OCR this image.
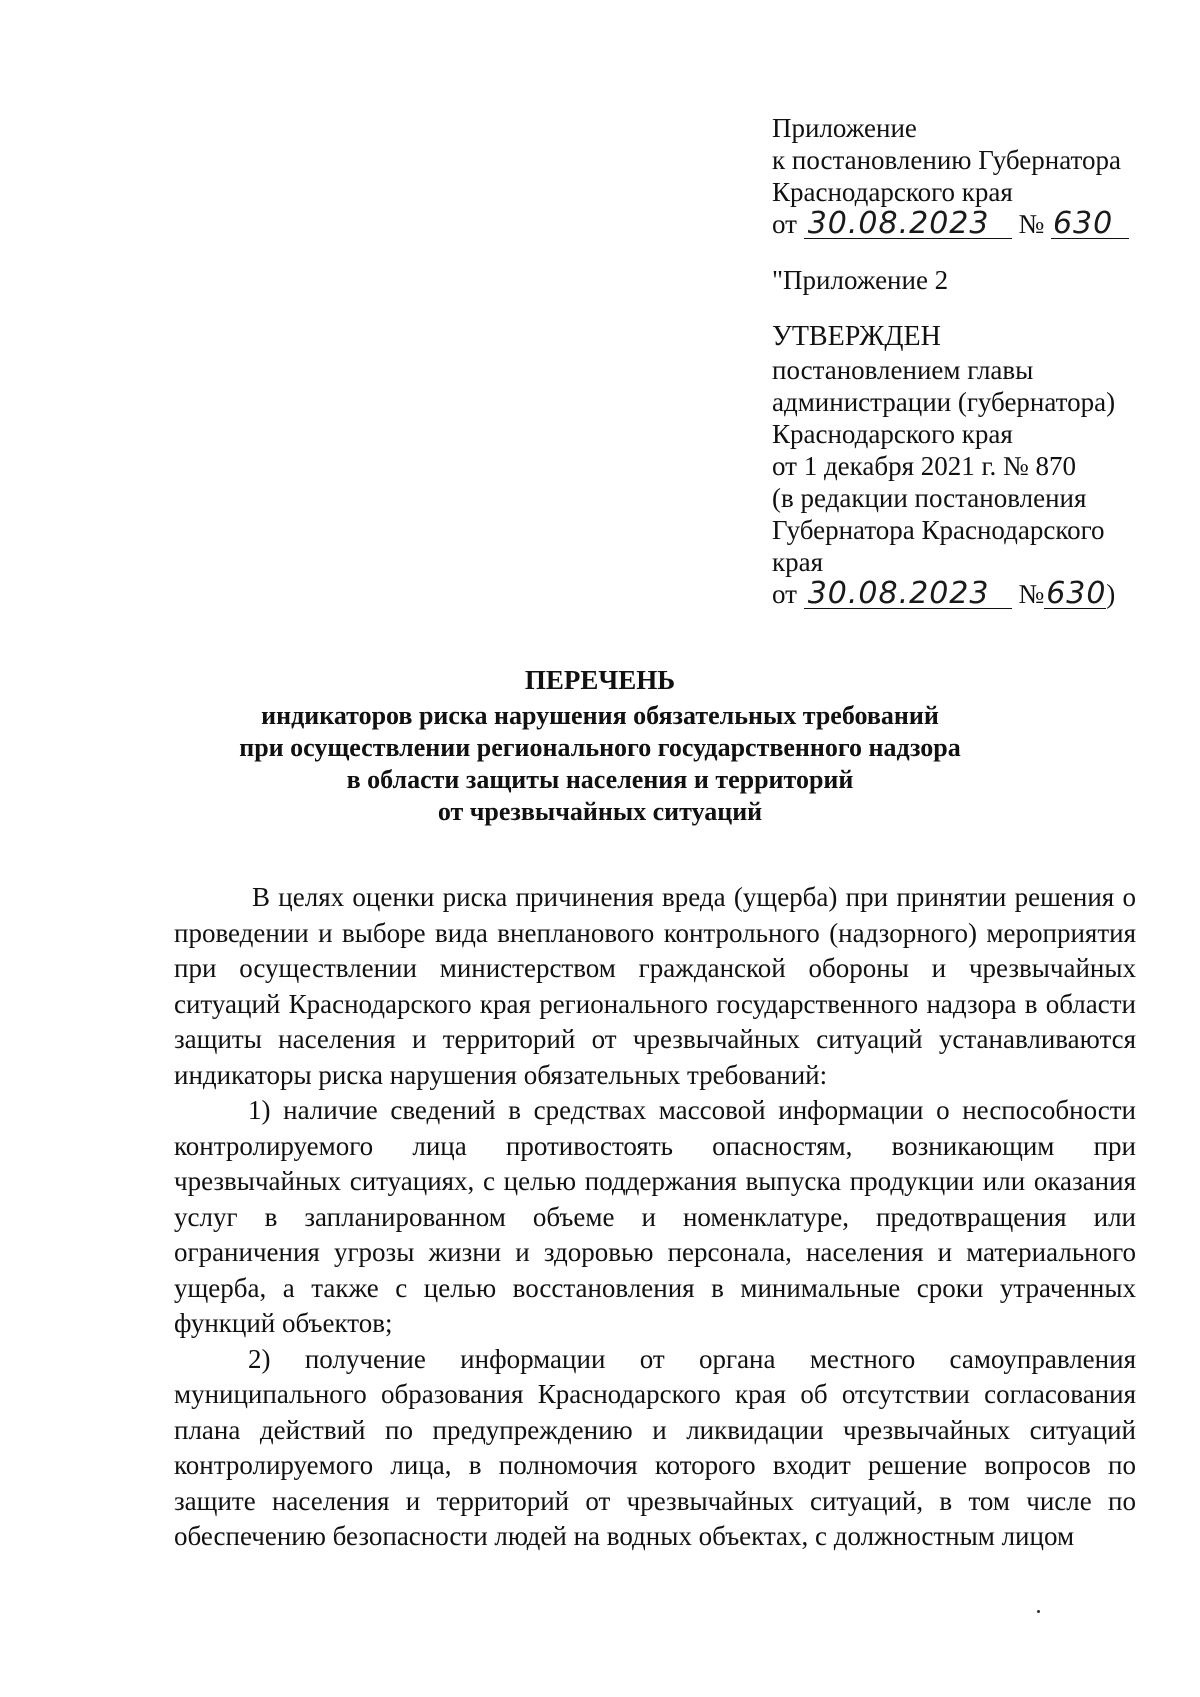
Приложение
к постановлению Губернатора
Краснодарского края
от 30.08.2023 № 630
"Приложение 2
УТВЕРЖДЕН
постановлением главы
администрации (губернатора)
Краснодарского края
от 1 декабря 2021 г. № 870
(в редакции постановления
Губернатора Краснодарского
края
от 30.08.2023 №630)
ПЕРЕЧЕНЬ
индикаторов риска нарушения обязательных требований
при осуществлении регионального государственного надзора
в области защиты населения и территорий
от чрезвычайных ситуаций

В целях оценки риска причинения вреда (ущерба) при принятии решения о проведении и выборе вида внепланового контрольного (надзорного) мероприятия при осуществлении министерством гражданской обороны и чрезвычайных ситуаций Краснодарского края регионального государственного надзора в области защиты населения и территорий от чрезвычайных ситуаций устанавливаются индикаторы риска нарушения обязательных требований:

1) наличие сведений в средствах массовой информации о неспособности контролируемого лица противостоять опасностям, возникающим при чрезвычайных ситуациях, с целью поддержания выпуска продукции или оказания услуг в запланированном объеме и номенклатуре, предотвращения или ограничения угрозы жизни и здоровью персонала, населения и материального ущерба, а также с целью восстановления в минимальные сроки утраченных функций объектов;

2) получение информации от органа местного самоуправления муниципального образования Краснодарского края об отсутствии согласования плана действий по предупреждению и ликвидации чрезвычайных ситуаций контролируемого лица, в полномочия которого входит решение вопросов по защите населения и территорий от чрезвычайных ситуаций, в том числе по обеспечению безопасности людей на водных объектах, с должностным лицом
